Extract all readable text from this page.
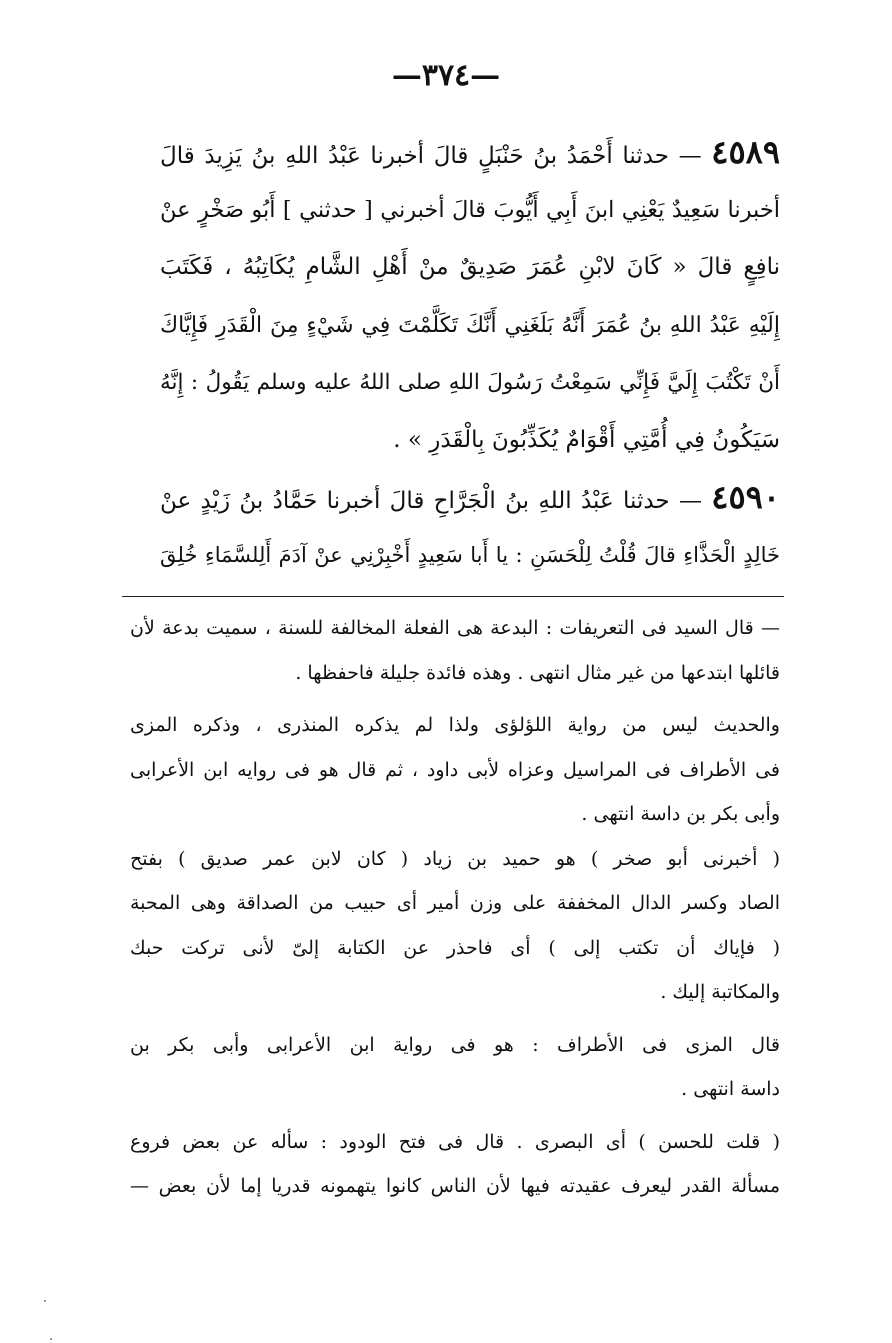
—٣٧٤—
٤٥٨٩ — حدثنا أَحْمَدُ بنُ حَنْبَلٍ قالَ أخبرنا عَبْدُ اللهِ بنُ يَزِيدَ قالَ
أخبرنا سَعِيدٌ يَعْنِي ابنَ أَبِي أَيُّوبَ قالَ أخبرني [ حدثني ] أَبُو صَخْرٍ عنْ
نافِعٍ قالَ « كَانَ لابْنِ عُمَرَ صَدِيقٌ منْ أَهْلِ الشَّامِ يُكَاتِبُهُ ، فَكَتَبَ
إِلَيْهِ عَبْدُ اللهِ بنُ عُمَرَ أَنَّهُ بَلَغَنِي أَنَّكَ تَكَلَّمْتَ فِي شَيْءٍ مِنَ الْقَدَرِ فَإِيَّاكَ
أَنْ تَكْتُبَ إِلَيَّ فَإِنِّي سَمِعْتُ رَسُولَ اللهِ صلى اللهُ عليه وسلم يَقُولُ : إِنَّهُ
سَيَكُونُ فِي أُمَّتِي أَقْوَامٌ يُكَذِّبُونَ بِالْقَدَرِ » .
٤٥٩٠ — حدثنا عَبْدُ اللهِ بنُ الْجَرَّاحِ قالَ أخبرنا حَمَّادُ بنُ زَيْدٍ عنْ
خَالِدٍ الْحَذَّاءِ قالَ قُلْتُ لِلْحَسَنِ : يا أَبا سَعِيدٍ أَخْبِرْنِي عنْ آدَمَ أَلِلسَّمَاءِ خُلِقَ
— قال السيد فى التعريفات : البدعة هى الفعلة المخالفة للسنة ، سميت بدعة لأن
قائلها ابتدعها من غير مثال انتهى . وهذه فائدة جليلة فاحفظها .
والحديث ليس من رواية اللؤلؤى ولذا لم يذكره المنذرى ، وذكره المزى
فى الأطراف فى المراسيل وعزاه لأبى داود ، ثم قال هو فى روايه ابن الأعرابى
وأبى بكر بن داسة انتهى .
( أخبرنى أبو صخر ) هو حميد بن زياد ( كان لابن عمر صديق ) بفتح
الصاد وكسر الدال المخففة على وزن أمير أى حبيب من الصداقة وهى المحبة
( فإياك أن تكتب إلى ) أى فاحذر عن الكتابة إلىّ لأنى تركت حبك
والمكاتبة إليك .
قال المزى فى الأطراف : هو فى رواية ابن الأعرابى وأبى بكر بن
داسة انتهى .
( قلت للحسن ) أى البصرى . قال فى فتح الودود : سأله عن بعض فروع
مسألة القدر ليعرف عقيدته فيها لأن الناس كانوا يتهمونه قدريا إما لأن بعض —
